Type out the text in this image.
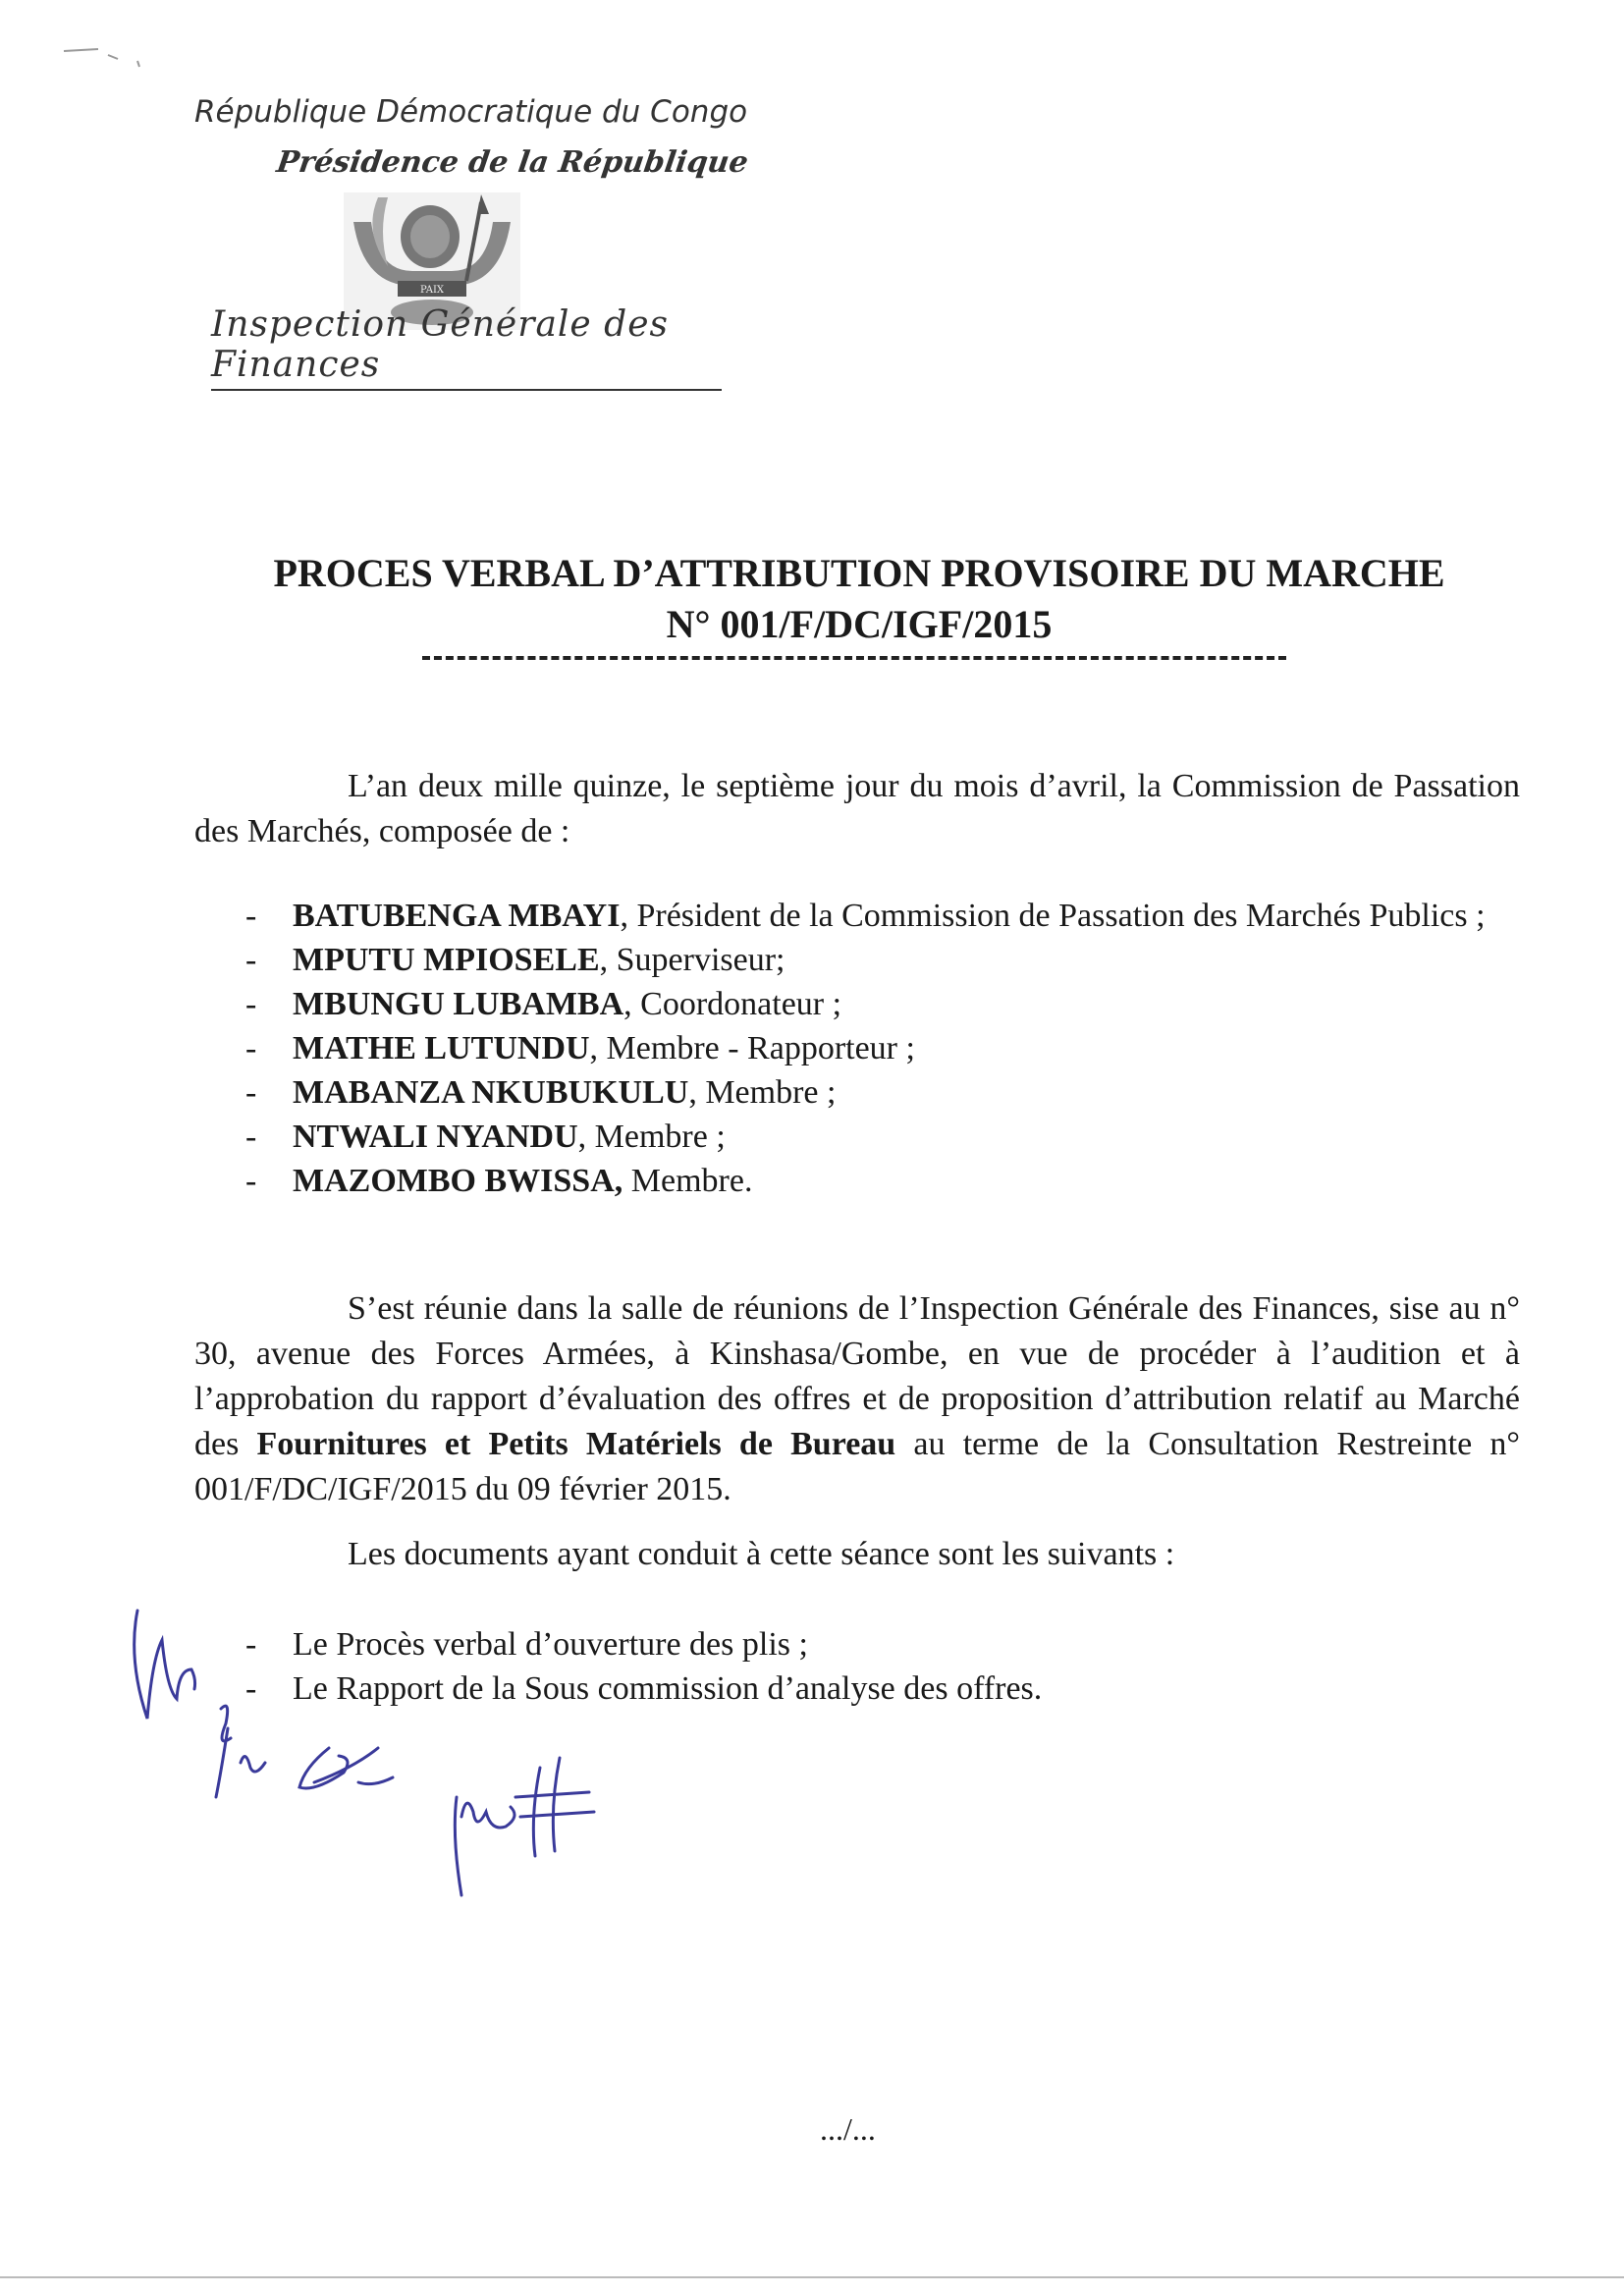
République Démocratique du Congo
Présidence de la République
PAIX
Inspection Générale des Finances
PROCES VERBAL D’ATTRIBUTION PROVISOIRE DU MARCHE
N° 001/F/DC/IGF/2015

L’an deux mille quinze, le septième jour du mois d’avril, la Commission de Passation des Marchés, composée de :

- BATUBENGA MBAYI, Président de la Commission de Passation des Marchés Publics ;
- MPUTU MPIOSELE, Superviseur;
- MBUNGU LUBAMBA, Coordonateur ;
- MATHE LUTUNDU, Membre - Rapporteur ;
- MABANZA NKUBUKULU, Membre ;
- NTWALI NYANDU, Membre ;
- MAZOMBO BWISSA, Membre.

S’est réunie dans la salle de réunions de l’Inspection Générale des Finances, sise au n° 30, avenue des Forces Armées, à Kinshasa/Gombe, en vue de procéder à l’audition et à l’approbation du rapport d’évaluation des offres et de proposition d’attribution relatif au Marché des Fournitures et Petits Matériels de Bureau au terme de la Consultation Restreinte n° 001/F/DC/IGF/2015 du 09 février 2015.

Les documents ayant conduit à cette séance sont les suivants :

- Le Procès verbal d’ouverture des plis ;
- Le Rapport de la Sous commission d’analyse des offres.
.../...
